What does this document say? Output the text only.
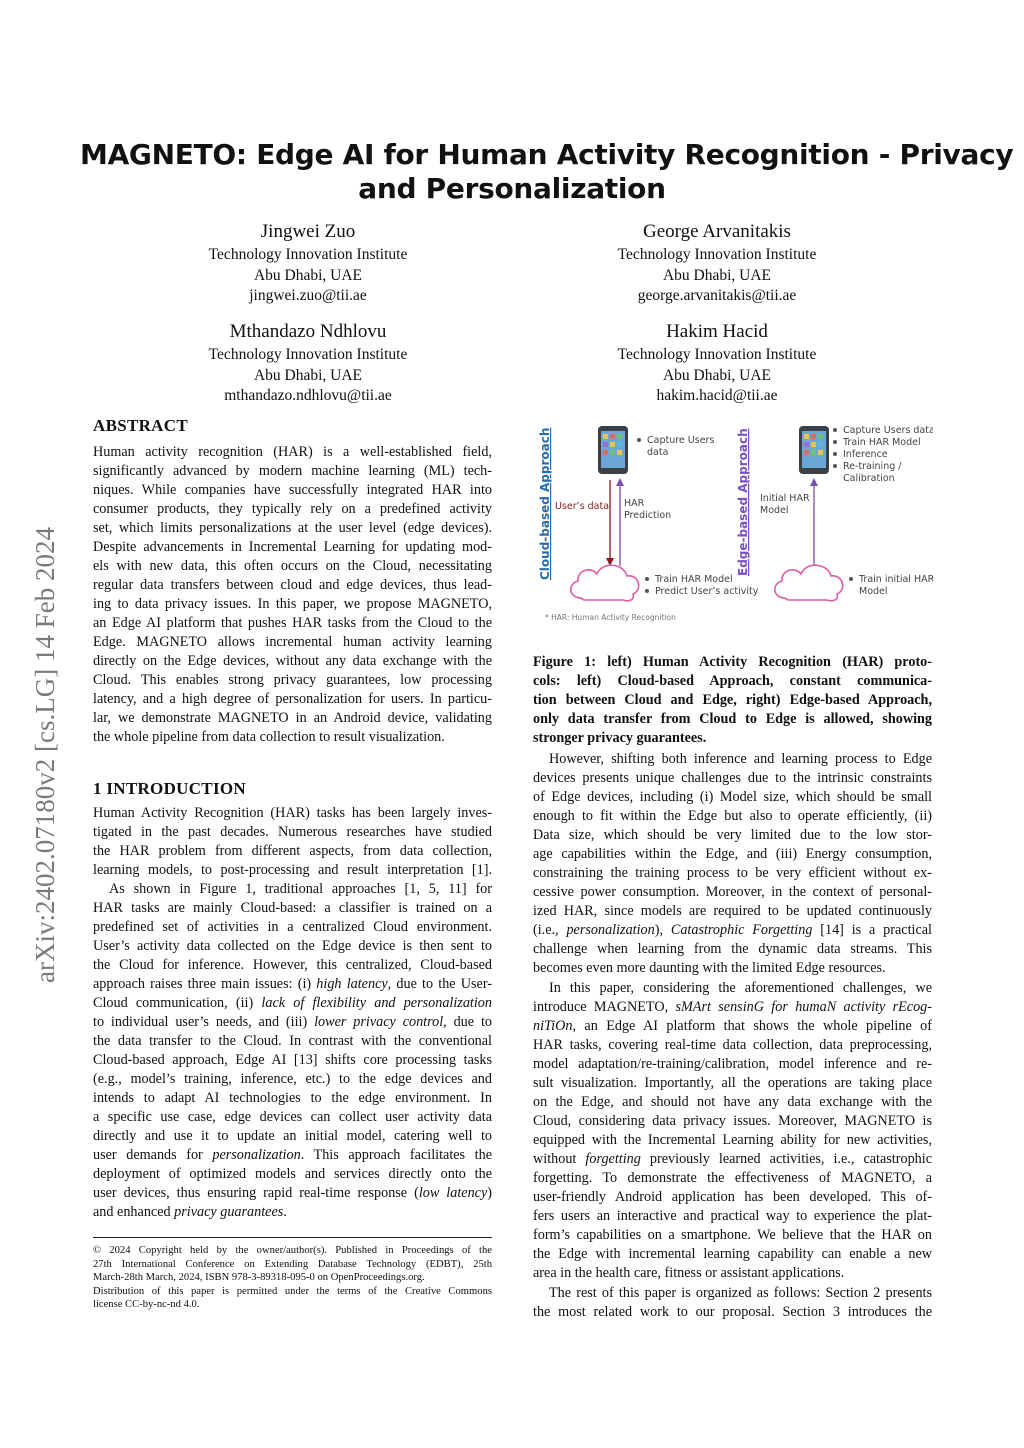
arXiv:2402.07180v2 [cs.LG] 14 Feb 2024
MAGNETO: Edge AI for Human Activity Recognition - Privacy
and Personalization
Jingwei Zuo
Technology Innovation Institute
Abu Dhabi, UAE
jingwei.zuo@tii.ae
George Arvanitakis
Technology Innovation Institute
Abu Dhabi, UAE
george.arvanitakis@tii.ae
Mthandazo Ndhlovu
Technology Innovation Institute
Abu Dhabi, UAE
mthandazo.ndhlovu@tii.ae
Hakim Hacid
Technology Innovation Institute
Abu Dhabi, UAE
hakim.hacid@tii.ae
ABSTRACT
Human activity recognition (HAR) is a well-established field,
significantly advanced by modern machine learning (ML) tech-
niques. While companies have successfully integrated HAR into
consumer products, they typically rely on a predefined activity
set, which limits personalizations at the user level (edge devices).
Despite advancements in Incremental Learning for updating mod-
els with new data, this often occurs on the Cloud, necessitating
regular data transfers between cloud and edge devices, thus lead-
ing to data privacy issues. In this paper, we propose MAGNETO,
an Edge AI platform that pushes HAR tasks from the Cloud to the
Edge. MAGNETO allows incremental human activity learning
directly on the Edge devices, without any data exchange with the
Cloud. This enables strong privacy guarantees, low processing
latency, and a high degree of personalization for users. In particu-
lar, we demonstrate MAGNETO in an Android device, validating
the whole pipeline from data collection to result visualization.
1 INTRODUCTION
Human Activity Recognition (HAR) tasks has been largely inves-
tigated in the past decades. Numerous researches have studied
the HAR problem from different aspects, from data collection,
learning models, to post-processing and result interpretation [1].
As shown in Figure 1, traditional approaches [1, 5, 11] for
HAR tasks are mainly Cloud-based: a classifier is trained on a
predefined set of activities in a centralized Cloud environment.
User’s activity data collected on the Edge device is then sent to
the Cloud for inference. However, this centralized, Cloud-based
approach raises three main issues: (i) high latency, due to the User-
Cloud communication, (ii) lack of flexibility and personalization
to individual user’s needs, and (iii) lower privacy control, due to
the data transfer to the Cloud. In contrast with the conventional
Cloud-based approach, Edge AI [13] shifts core processing tasks
(e.g., model’s training, inference, etc.) to the edge devices and
intends to adapt AI technologies to the edge environment. In
a specific use case, edge devices can collect user activity data
directly and use it to update an initial model, catering well to
user demands for personalization. This approach facilitates the
deployment of optimized models and services directly onto the
user devices, thus ensuring rapid real-time response (low latency)
and enhanced privacy guarantees.
© 2024 Copyright held by the owner/author(s). Published in Proceedings of the
27th International Conference on Extending Database Technology (EDBT), 25th
March-28th March, 2024, ISBN 978-3-89318-095-0 on OpenProceedings.org.
Distribution of this paper is permitted under the terms of the Creative Commons
license CC-by-nc-nd 4.0.
Cloud-based Approach	Edge-based Approach
Capture Users
data
User’s data HAR
Prediction
Train HAR Model
Predict User’s activity
Capture Users data
Train HAR Model
Inference
Re-training /
Calibration
Initial HAR
Model
Train initial HAR
Model
* HAR: Human Activity Recognition
Figure 1: left) Human Activity Recognition (HAR) proto-
cols: left) Cloud-based Approach, constant communica-
tion between Cloud and Edge, right) Edge-based Approach,
only data transfer from Cloud to Edge is allowed, showing
stronger privacy guarantees.
However, shifting both inference and learning process to Edge
devices presents unique challenges due to the intrinsic constraints
of Edge devices, including (i) Model size, which should be small
enough to fit within the Edge but also to operate efficiently, (ii)
Data size, which should be very limited due to the low stor-
age capabilities within the Edge, and (iii) Energy consumption,
constraining the training process to be very efficient without ex-
cessive power consumption. Moreover, in the context of personal-
ized HAR, since models are required to be updated continuously
(i.e., personalization), Catastrophic Forgetting [14] is a practical
challenge when learning from the dynamic data streams. This
becomes even more daunting with the limited Edge resources.
In this paper, considering the aforementioned challenges, we
introduce MAGNETO, sMArt sensinG for humaN activity rEcog-
niTiOn, an Edge AI platform that shows the whole pipeline of
HAR tasks, covering real-time data collection, data preprocessing,
model adaptation/re-training/calibration, model inference and re-
sult visualization. Importantly, all the operations are taking place
on the Edge, and should not have any data exchange with the
Cloud, considering data privacy issues. Moreover, MAGNETO is
equipped with the Incremental Learning ability for new activities,
without forgetting previously learned activities, i.e., catastrophic
forgetting. To demonstrate the effectiveness of MAGNETO, a
user-friendly Android application has been developed. This of-
fers users an interactive and practical way to experience the plat-
form’s capabilities on a smartphone. We believe that the HAR on
the Edge with incremental learning capability can enable a new
area in the health care, fitness or assistant applications.
The rest of this paper is organized as follows: Section 2 presents
the most related work to our proposal. Section 3 introduces the
